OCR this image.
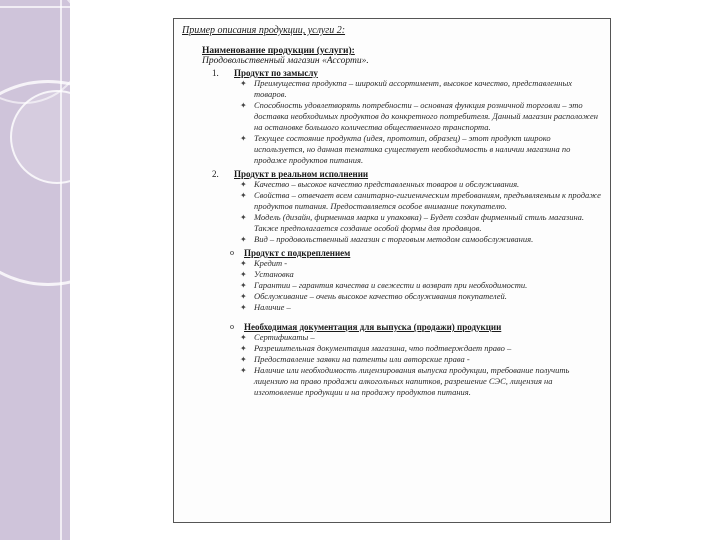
Пример описания продукции, услуги 2:
Наименование продукции (услуги):
Продовольственный магазин «Ассорти».
1. Продукт по замыслу
✦ Преимущества продукта – широкий ассортимент, высокое качество, представленных товаров.
✦ Способность удовлетворять потребности – основная функция розничной торговли – это доставка необходимых продуктов до конкретного потребителя. Данный магазин расположен на остановке большого количества общественного транспорта.
✦ Текущее состояние продукта (идея, прототип, образец) – этот продукт широко используется, но данная тематика существует необходимость в наличии магазина по продаже продуктов питания.
2. Продукт в реальном исполнении
✦ Качество – высокое качество представленных товаров и обслуживания.
✦ Свойства – отвечает всем санитарно-гигиеническим требованиям, предъявляемым к продаже продуктов питания. Предоставляется особое внимание покупателю.
✦ Модель (дизайн, фирменная марка и упаковка) – Будет создан фирменный стиль магазина. Также предполагается создание особой формы для продавцов.
✦ Вид – продовольственный магазин с торговым методом самообслуживания.
o Продукт с подкреплением
✦ Кредит -
✦ Установка
✦ Гарантии – гарантия качества и свежести и возврат при необходимости.
✦ Обслуживание – очень высокое качество обслуживания покупателей.
✦ Наличие –
o Необходимая документация для выпуска (продажи) продукции
✦ Сертификаты –
✦ Разрешительная документация магазина, что подтверждает право –
✦ Предоставление заявки на патенты или авторские права -
✦ Наличие или необходимость лицензирования выпуска продукции, требование получить лицензию на право продажи алкогольных напитков, разрешение СЭС, лицензия на изготовление продукции и на продажу продуктов питания.
